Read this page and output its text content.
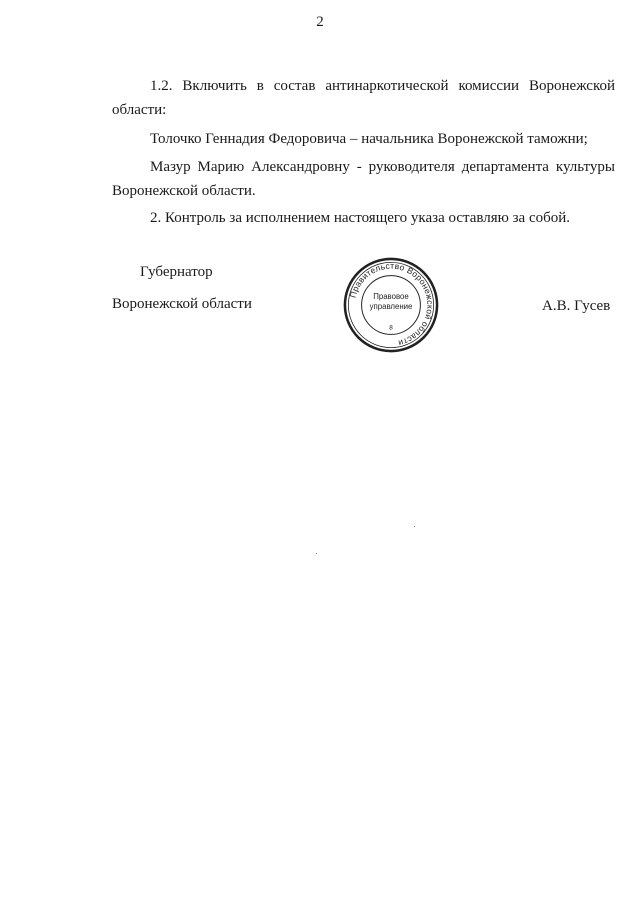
2

1.2. Включить в состав антинаркотической комиссии Воронежской области:

Толочко Геннадия Федоровича – начальника Воронежской таможни;

Мазур Марию Александровну - руководителя департамента культуры Воронежской области.

2. Контроль за исполнением настоящего указа оставляю за собой.

Губернатор
Воронежской области	А.В. Гусев
Правительство Воронежской области
Правовое
управление
8
